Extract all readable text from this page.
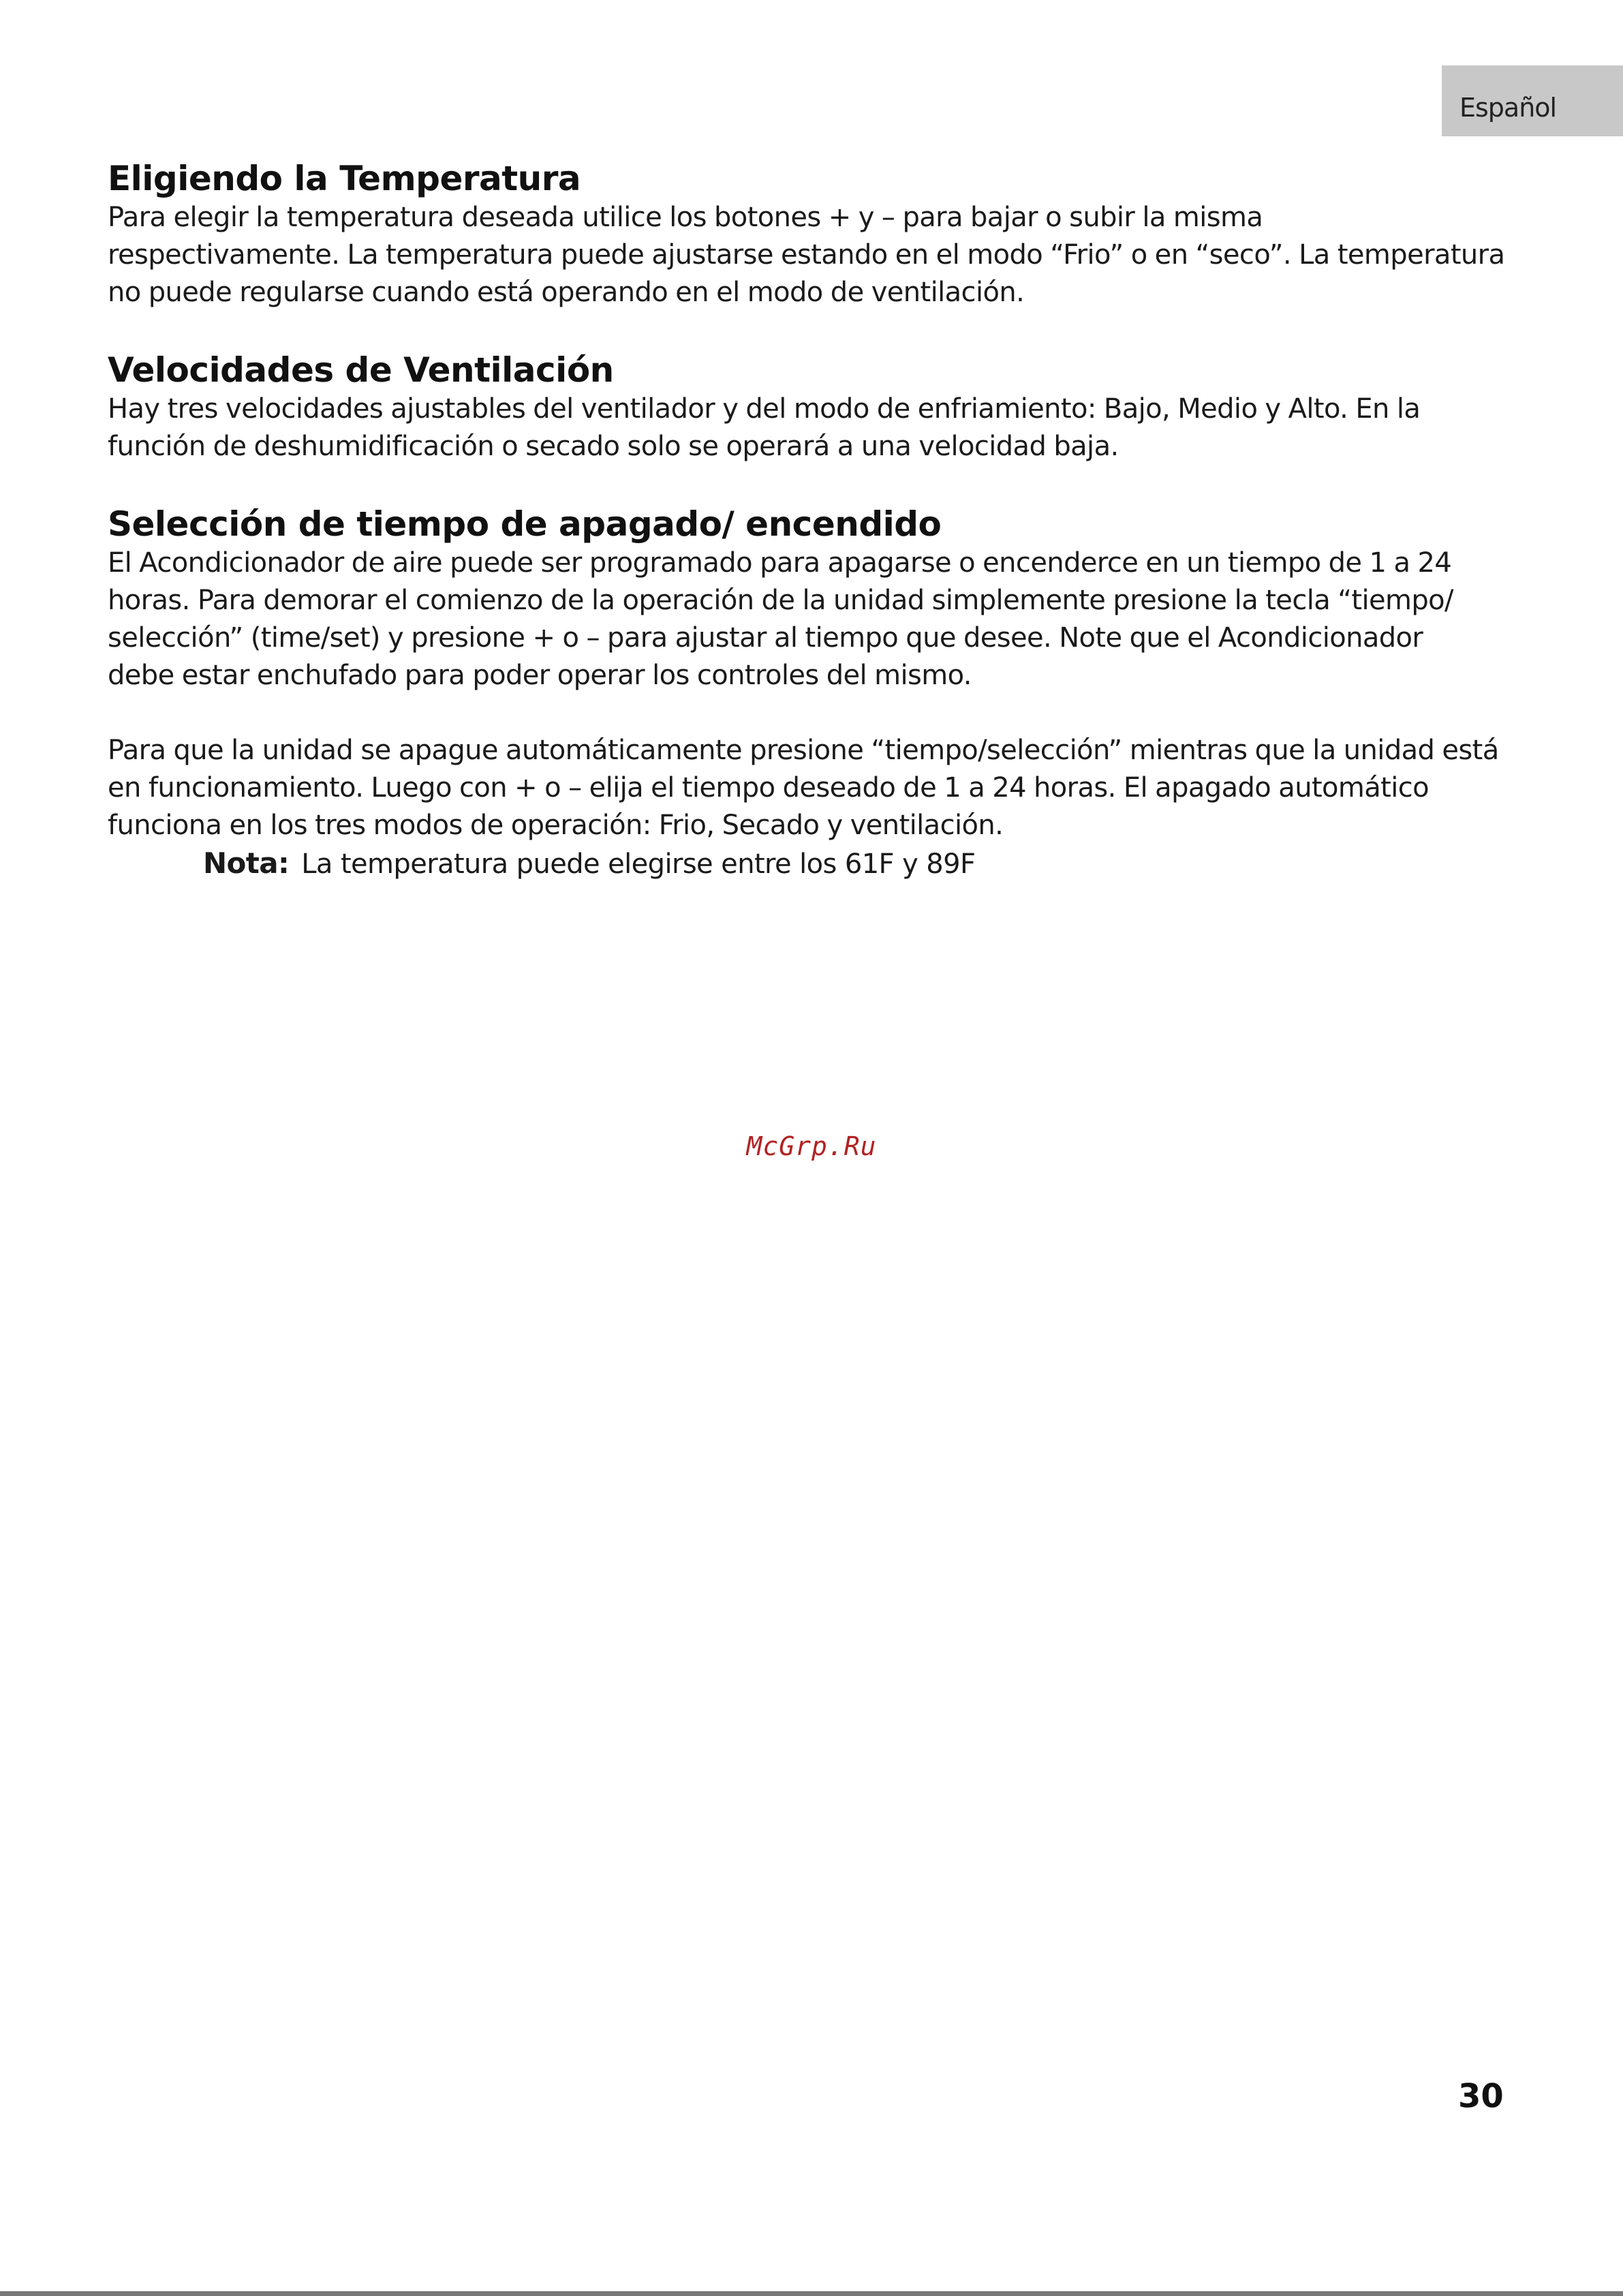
Español
Eligiendo la Temperatura

Para elegir la temperatura deseada utilice los botones + y – para bajar o subir la misma

respectivamente. La temperatura puede ajustarse estando en el modo “Frio” o en “seco”. La temperatura

no puede regularse cuando está operando en el modo de ventilación.

Velocidades de Ventilación

Hay tres velocidades ajustables del ventilador y del modo de enfriamiento: Bajo, Medio y Alto. En la

función de deshumidificación o secado solo se operará a una velocidad baja.

Selección de tiempo de apagado/ encendido

El Acondicionador de aire puede ser programado para apagarse o encenderce en un tiempo de 1 a 24

horas. Para demorar el comienzo de la operación de la unidad simplemente presione la tecla “tiempo/

selección” (time/set) y presione + o – para ajustar al tiempo que desee. Note que el Acondicionador

debe estar enchufado para poder operar los controles del mismo.

Para que la unidad se apague automáticamente presione “tiempo/selección” mientras que la unidad está

en funcionamiento. Luego con + o – elija el tiempo deseado de 1 a 24 horas. El apagado automático

funciona en los tres modos de operación: Frio, Secado y ventilación.

Nota: La temperatura puede elegirse entre los 61F y 89F

McGrp.Ru
30
